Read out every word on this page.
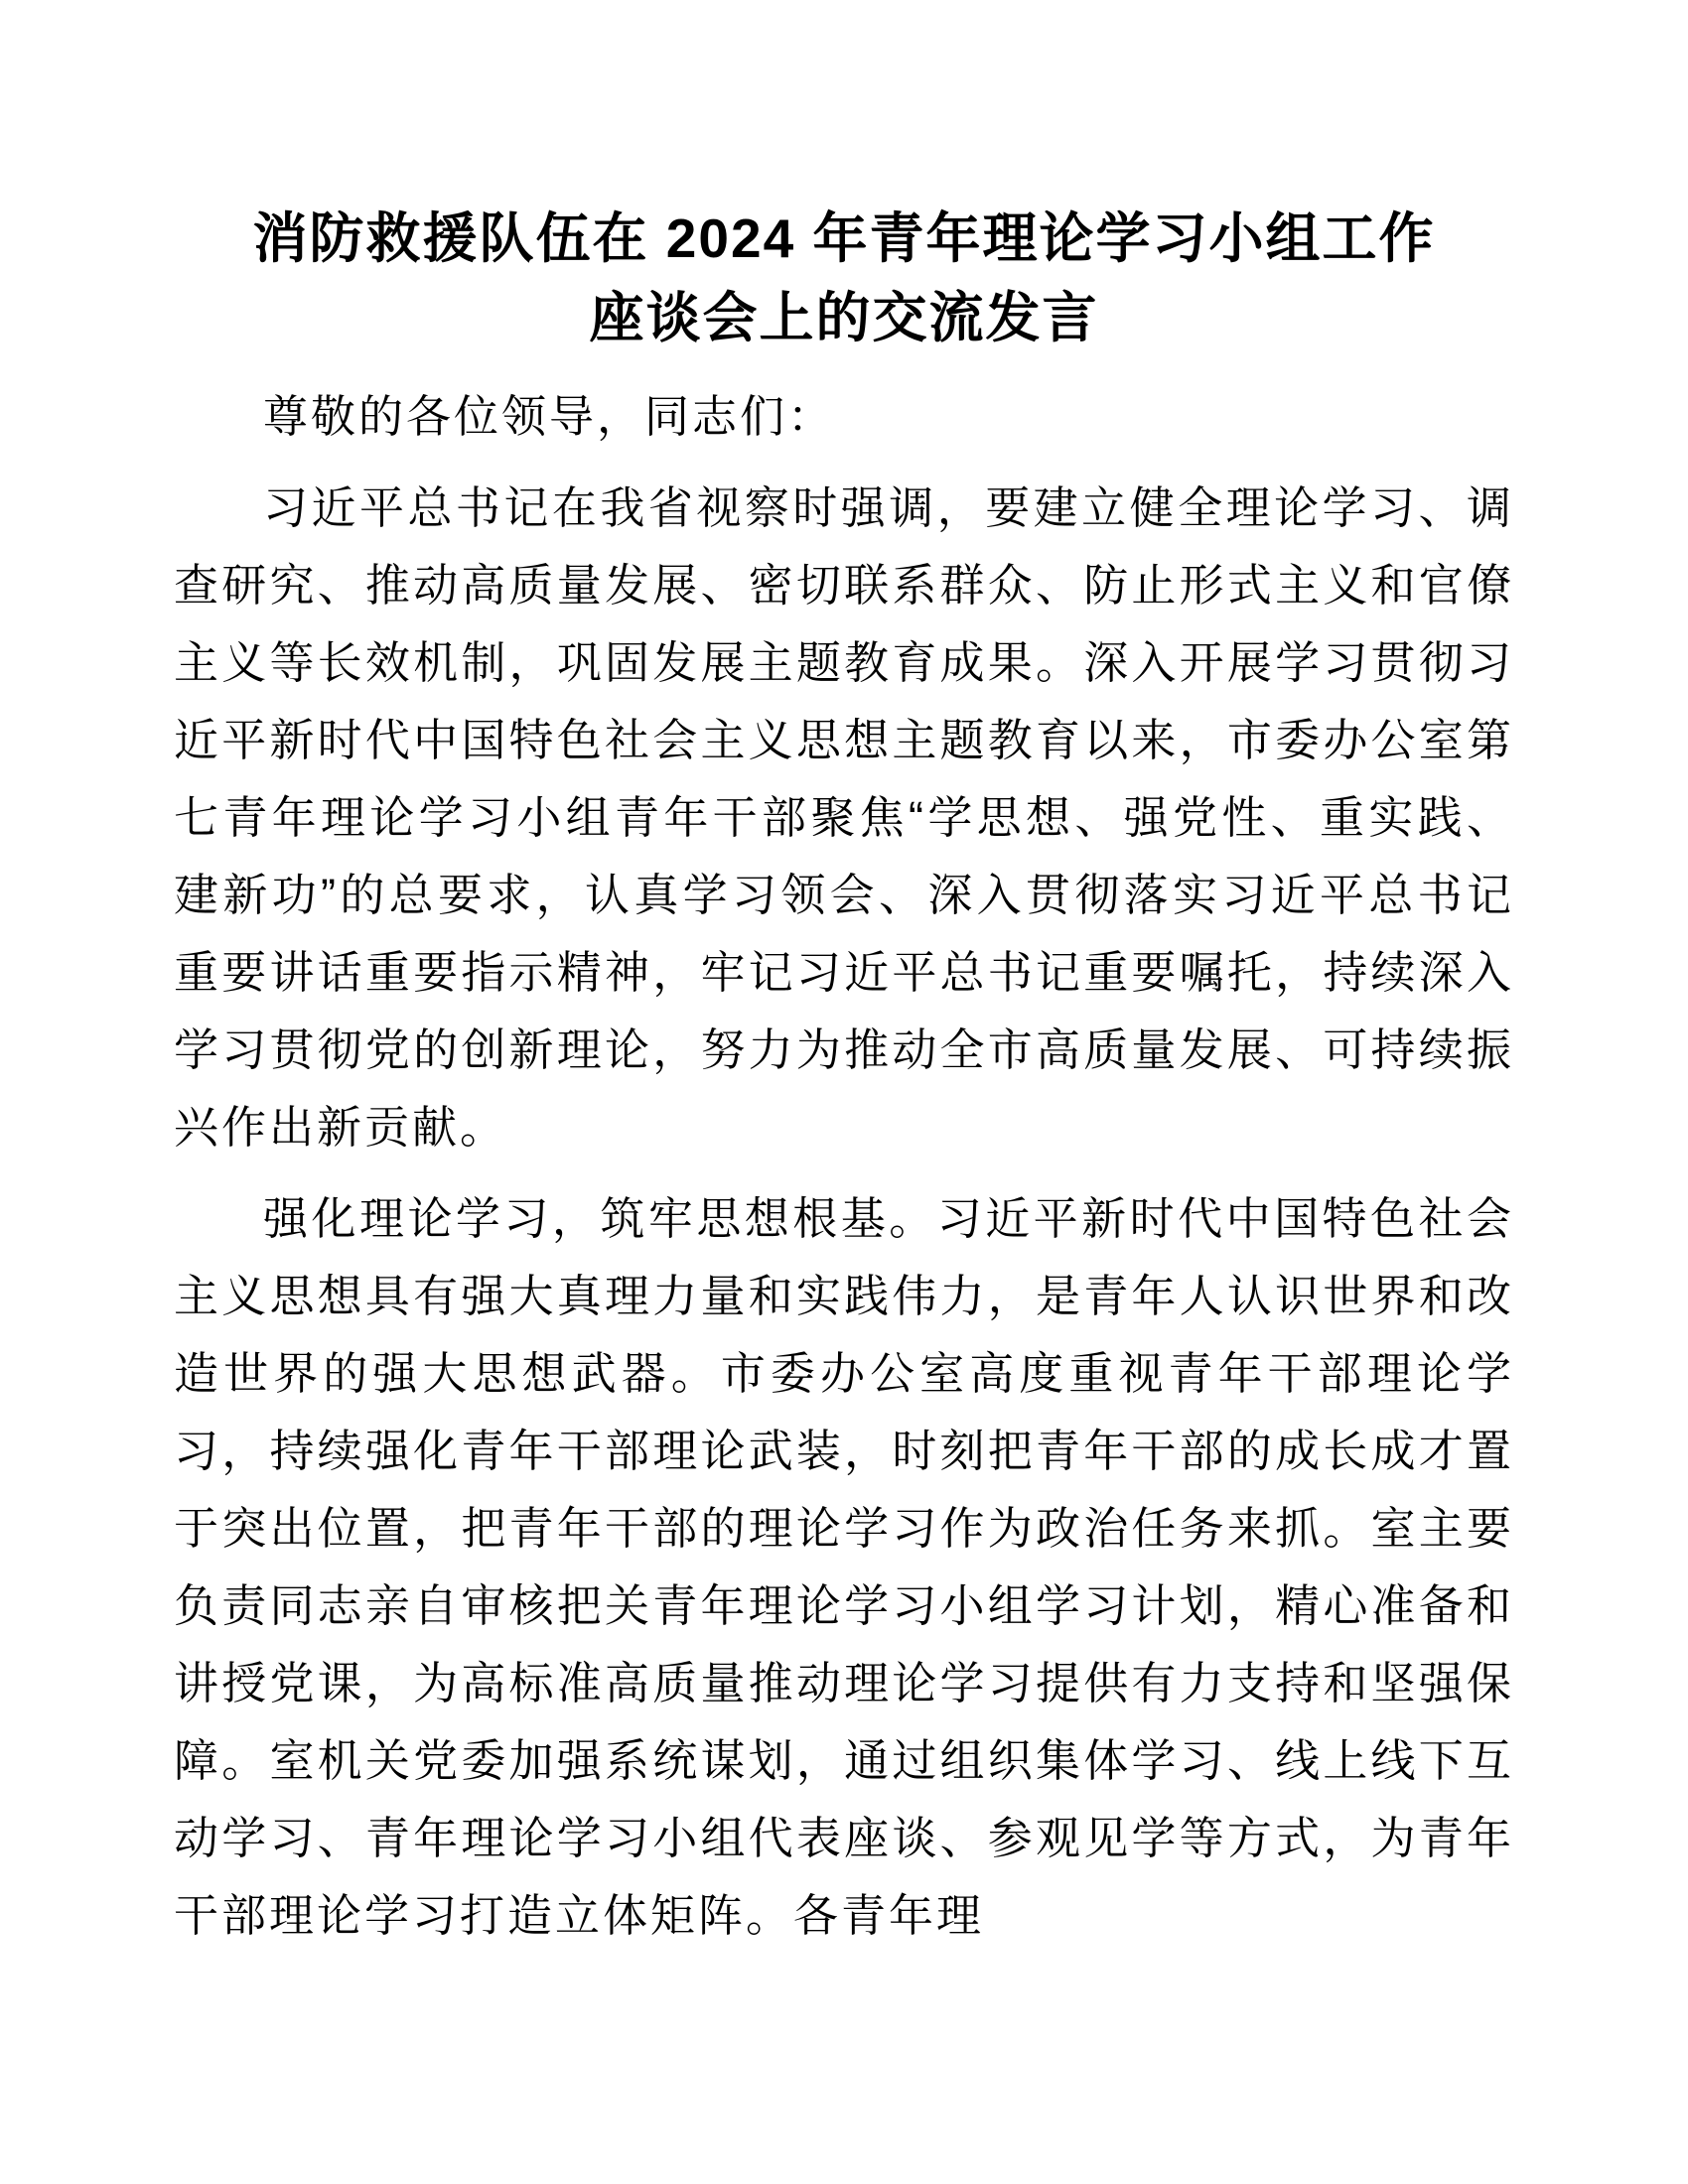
消防救援队伍在 2024 年青年理论学习小组工作
座谈会上的交流发言

尊敬的各位领导，同志们：

习近平总书记在我省视察时强调，要建立健全理论学习、调查研究、推动高质量发展、密切联系群众、防止形式主义和官僚主义等长效机制，巩固发展主题教育成果。深入开展学习贯彻习近平新时代中国特色社会主义思想主题教育以来，市委办公室第七青年理论学习小组青年干部聚焦“学思想、强党性、重实践、建新功”的总要求，认真学习领会、深入贯彻落实习近平总书记重要讲话重要指示精神，牢记习近平总书记重要嘱托，持续深入学习贯彻党的创新理论，努力为推动全市高质量发展、可持续振兴作出新贡献。

强化理论学习，筑牢思想根基。习近平新时代中国特色社会主义思想具有强大真理力量和实践伟力，是青年人认识世界和改造世界的强大思想武器。市委办公室高度重视青年干部理论学习，持续强化青年干部理论武装，时刻把青年干部的成长成才置于突出位置，把青年干部的理论学习作为政治任务来抓。室主要负责同志亲自审核把关青年理论学习小组学习计划，精心准备和讲授党课，为高标准高质量推动理论学习提供有力支持和坚强保障。室机关党委加强系统谋划，通过组织集体学习、线上线下互动学习、青年理论学习小组代表座谈、参观见学等方式，为青年干部理论学习打造立体矩阵。各青年理
